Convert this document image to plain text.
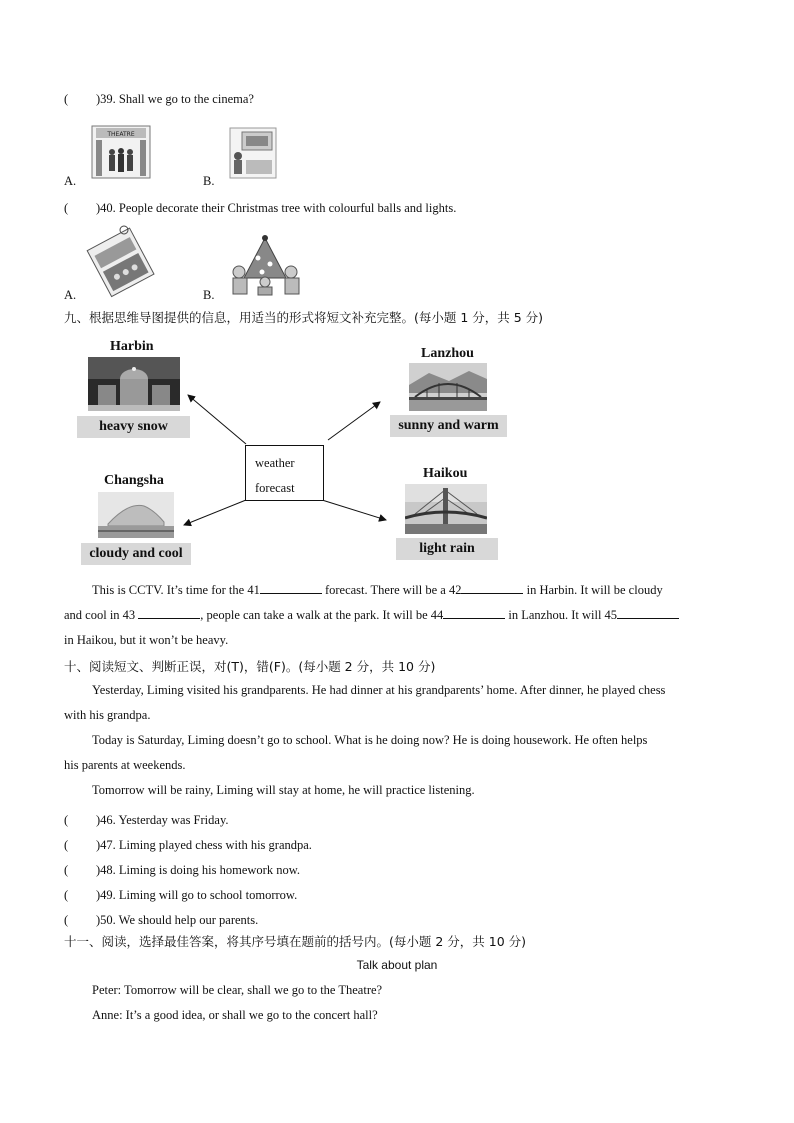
( )39. Shall we go to the cinema?
A.
THEATRE
B.
( )40. People decorate their Christmas tree with colourful balls and lights.
A.	B.
九、根据思维导图提供的信息，用适当的形式将短文补充完整。(每小题 1 分，共 5 分)
weather
forecast
Harbin
heavy snow
Lanzhou
sunny and warm
Changsha
cloudy and cool
Haikou
light rain
This is CCTV. It’s time for the 41	forecast. There will be a 42	in Harbin. It will be cloudy
and cool in 43	, people can take a walk at the park. It will be 44	in Lanzhou. It will 45
in Haikou, but it won’t be heavy.
十、阅读短文、判断正误，对(T)，错(F)。(每小题 2 分，共 10 分)
Yesterday, Liming visited his grandparents. He had dinner at his grandparents’ home. After dinner, he played chess
with his grandpa.
Today is Saturday, Liming doesn’t go to school. What is he doing now? He is doing housework. He often helps
his parents at weekends.
Tomorrow will be rainy, Liming will stay at home, he will practice listening.
( )46. Yesterday was Friday.
( )47. Liming played chess with his grandpa.
( )48. Liming is doing his homework now.
( )49. Liming will go to school tomorrow.
( )50. We should help our parents.
十一、阅读，选择最佳答案，将其序号填在题前的括号内。(每小题 2 分，共 10 分)
Talk about plan
Peter: Tomorrow will be clear, shall we go to the Theatre?
Anne: It’s a good idea, or shall we go to the concert hall?
